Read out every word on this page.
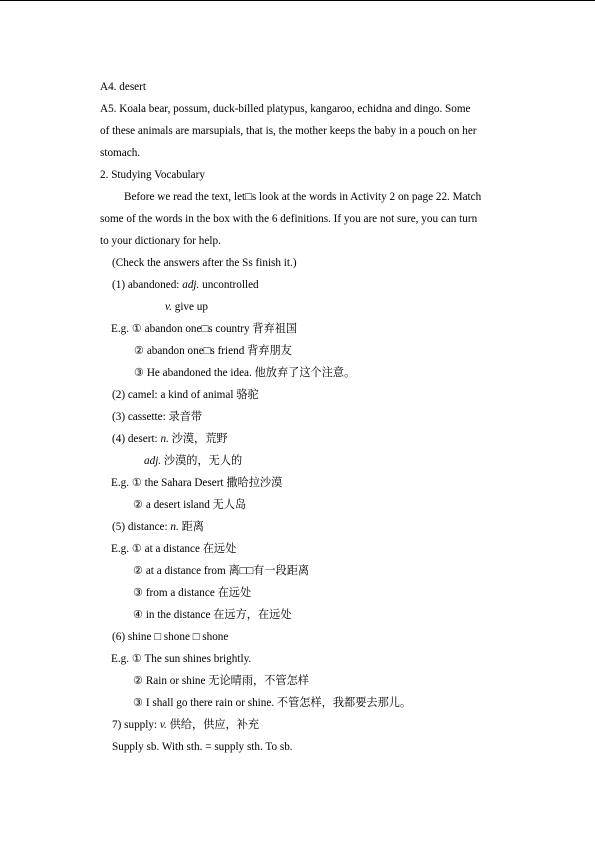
A4. desert
A5. Koala bear, possum, duck-billed platypus, kangaroo, echidna and dingo. Some
of these animals are marsupials, that is, the mother keeps the baby in a pouch on her
stomach.
2. Studying Vocabulary
Before we read the text, let□s look at the words in Activity 2 on page 22. Match
some of the words in the box with the 6 definitions. If you are not sure, you can turn
to your dictionary for help.
(Check the answers after the Ss finish it.)
(1) abandoned: adj. uncontrolled
v. give up
E.g. ① abandon one□s country 背弃祖国
② abandon one□s friend 背弃朋友
③ He abandoned the idea. 他放弃了这个注意。
(2) camel: a kind of animal 骆驼
(3) cassette: 录音带
(4) desert: n. 沙漠，荒野
adj. 沙漠的，无人的
E.g. ① the Sahara Desert 撒哈拉沙漠
② a desert island 无人岛
(5) distance: n. 距离
E.g. ① at a distance 在远处
② at a distance from 离□□有一段距离
③ from a distance 在远处
④ in the distance 在远方，在远处
(6) shine □ shone □ shone
E.g. ① The sun shines brightly.
② Rain or shine 无论晴雨，不管怎样
③ I shall go there rain or shine. 不管怎样，我都要去那儿。
7) supply: v. 供给，供应，补充
Supply sb. With sth. = supply sth. To sb.
